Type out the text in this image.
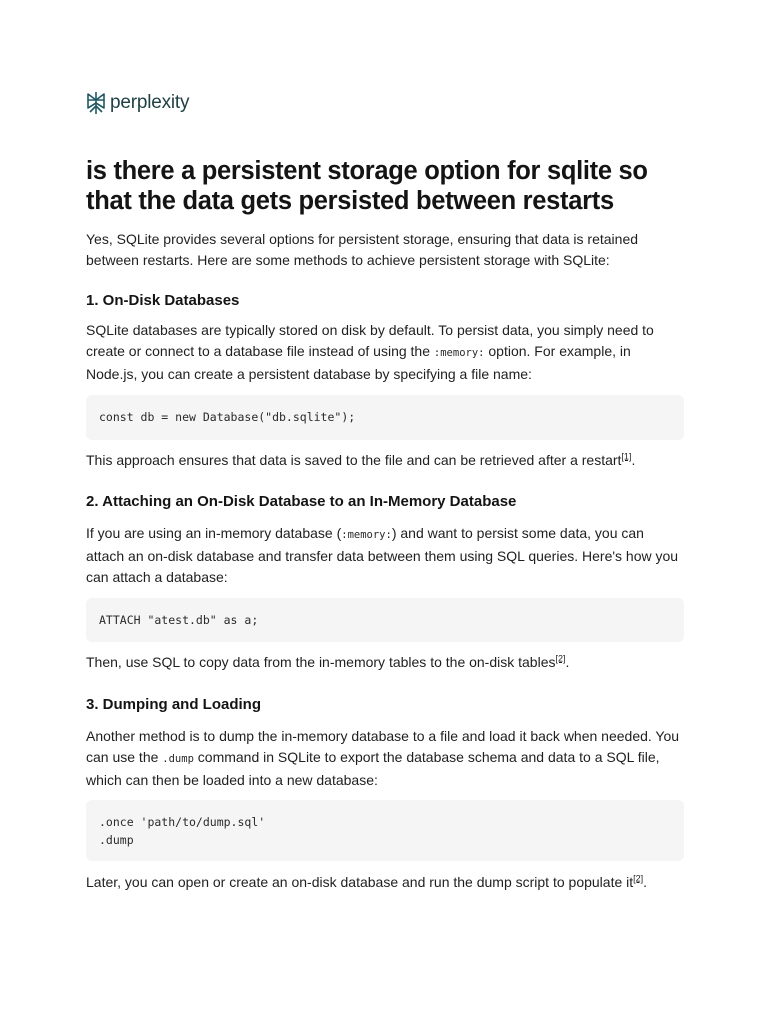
perplexity
is there a persistent storage option for sqlite so that the data gets persisted between restarts

Yes, SQLite provides several options for persistent storage, ensuring that data is retained between restarts. Here are some methods to achieve persistent storage with SQLite:

1. On-Disk Databases

SQLite databases are typically stored on disk by default. To persist data, you simply need to create or connect to a database file instead of using the :memory: option. For example, in Node.js, you can create a persistent database by specifying a file name:

const db = new Database("db.sqlite");

This approach ensures that data is saved to the file and can be retrieved after a restart[1].

2. Attaching an On-Disk Database to an In-Memory Database

If you are using an in-memory database (:memory:) and want to persist some data, you can attach an on-disk database and transfer data between them using SQL queries. Here's how you can attach a database:

ATTACH "atest.db" as a;

Then, use SQL to copy data from the in-memory tables to the on-disk tables[2].

3. Dumping and Loading

Another method is to dump the in-memory database to a file and load it back when needed. You can use the .dump command in SQLite to export the database schema and data to a SQL file, which can then be loaded into a new database:

.once 'path/to/dump.sql'
.dump

Later, you can open or create an on-disk database and run the dump script to populate it[2].
